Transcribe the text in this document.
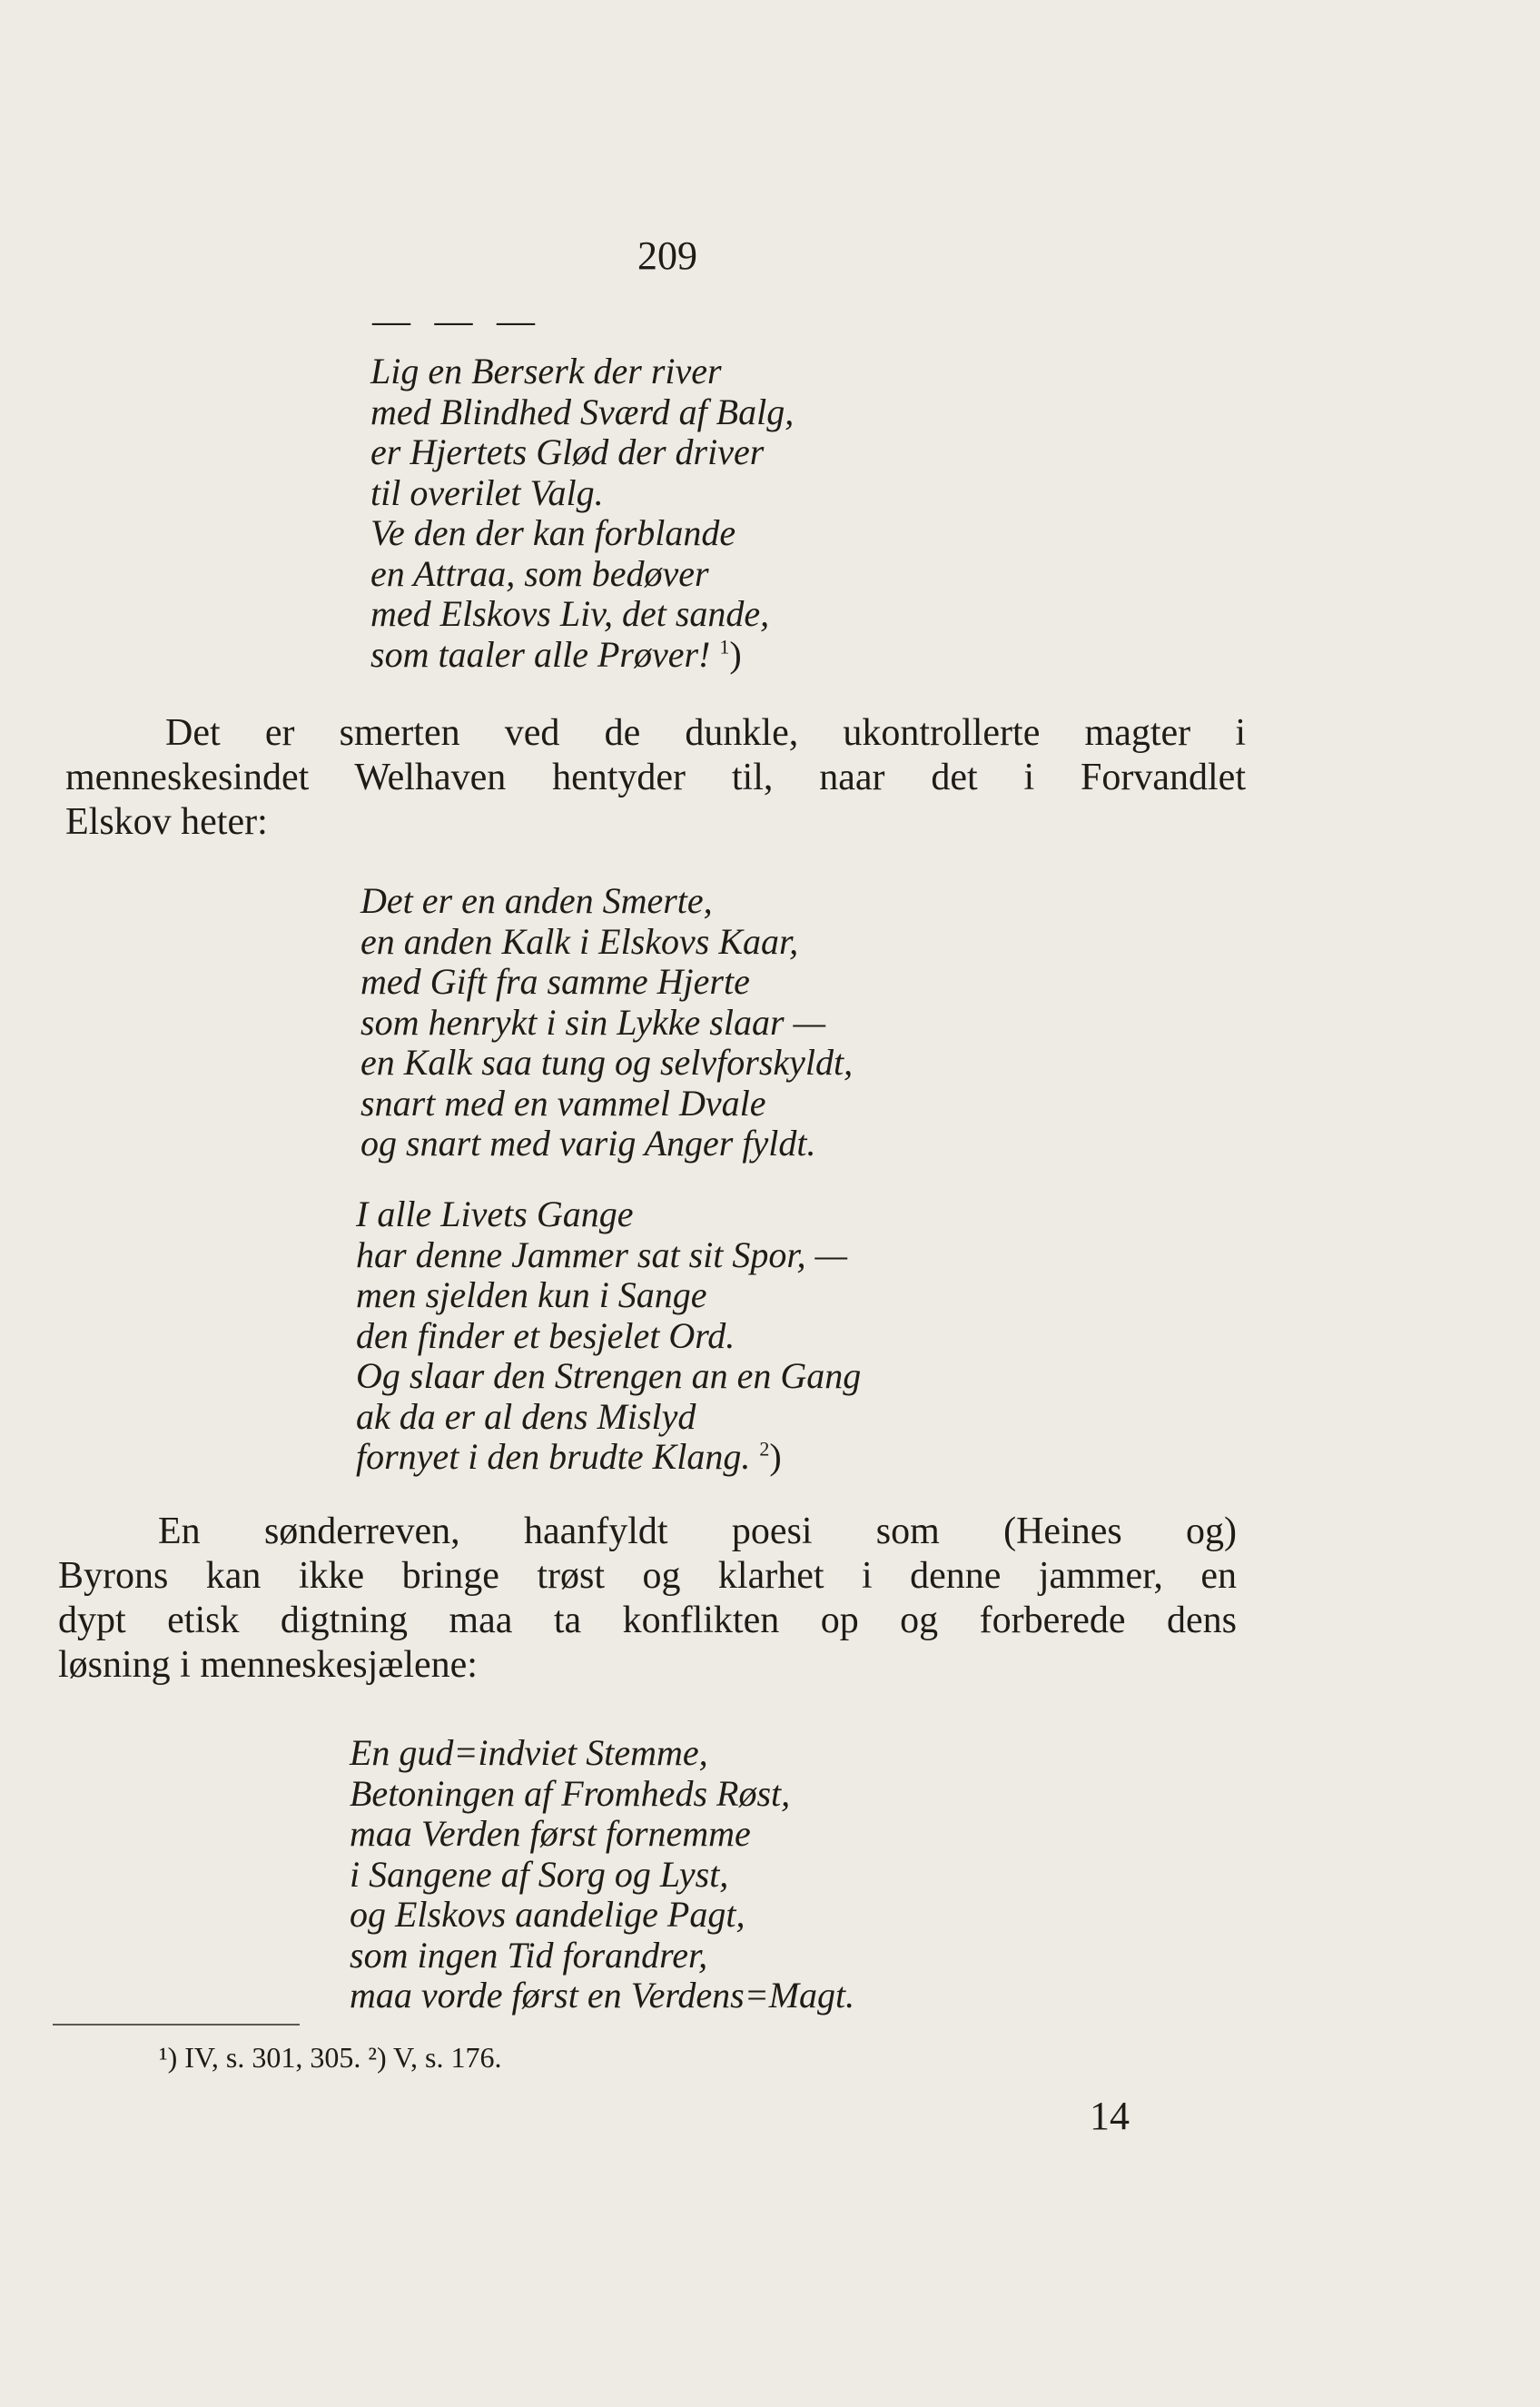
209
— — —
Lig en Berserk der river
med Blindhed Sværd af Balg,
er Hjertets Glød der driver
til overilet Valg.
Ve den der kan forblande
en Attraa, som bedøver
med Elskovs Liv, det sande,
som taaler alle Prøver! $^1$)
Det er smerten ved de dunkle, ukontrollerte magter i
menneskesindet Welhaven hentyder til, naar det i Forvandlet
Elskov heter:
Det er en anden Smerte,
en anden Kalk i Elskovs Kaar,
med Gift fra samme Hjerte
som henrykt i sin Lykke slaar —
en Kalk saa tung og selvforskyldt,
snart med en vammel Dvale
og snart med varig Anger fyldt.
I alle Livets Gange
har denne Jammer sat sit Spor, —
men sjelden kun i Sange
den finder et besjelet Ord.
Og slaar den Strengen an en Gang
ak da er al dens Mislyd
fornyet i den brudte Klang. $^2$)
En sønderreven, haanfyldt poesi som (Heines og)
Byrons kan ikke bringe trøst og klarhet i denne jammer, en
dypt etisk digtning maa ta konflikten op og forberede dens
løsning i menneskesjælene:
En gud=indviet Stemme,
Betoningen af Fromheds Røst,
maa Verden først fornemme
i Sangene af Sorg og Lyst,
og Elskovs aandelige Pagt,
som ingen Tid forandrer,
maa vorde først en Verdens=Magt.
¹) IV, s. 301, 305. ²) V, s. 176.
14
